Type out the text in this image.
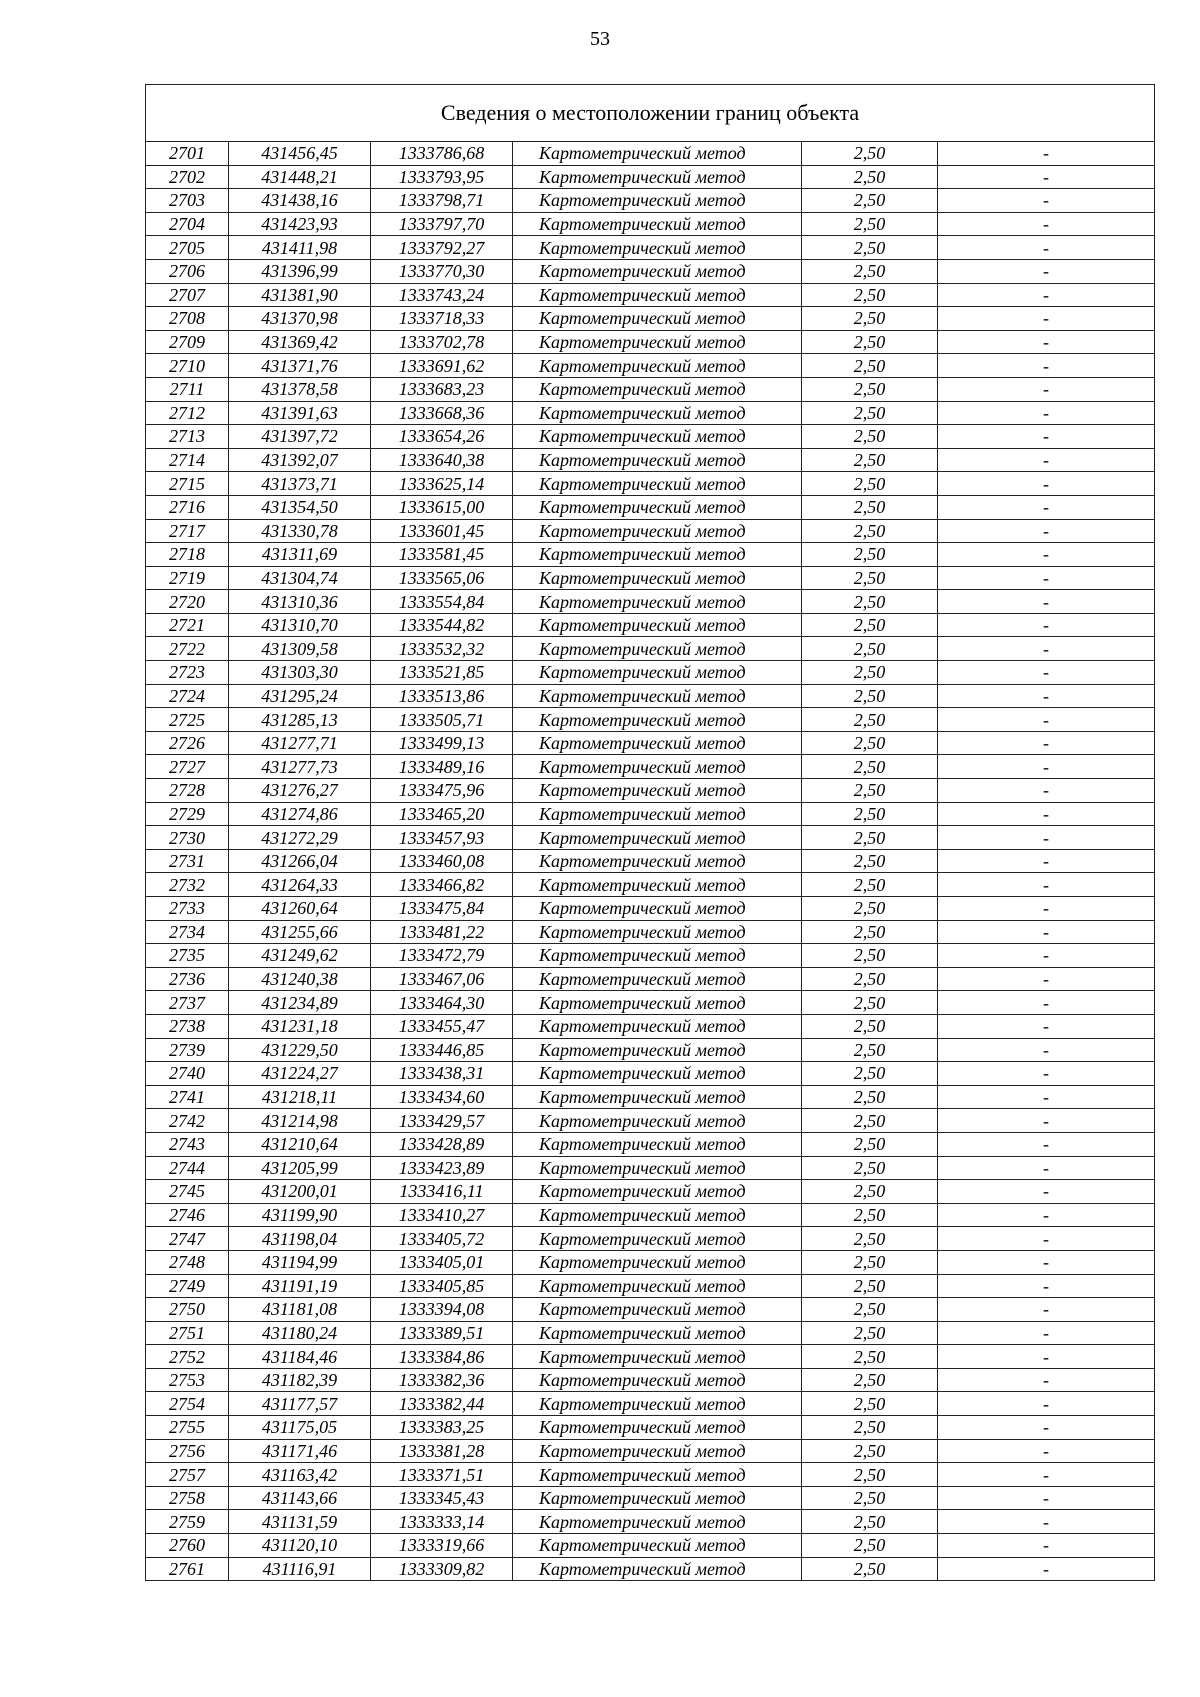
53
Сведения о местоположении границ объекта					
2701	431456,45	1333786,68	Картометрический метод	2,50	-
2702	431448,21	1333793,95	Картометрический метод	2,50	-
2703	431438,16	1333798,71	Картометрический метод	2,50	-
2704	431423,93	1333797,70	Картометрический метод	2,50	-
2705	431411,98	1333792,27	Картометрический метод	2,50	-
2706	431396,99	1333770,30	Картометрический метод	2,50	-
2707	431381,90	1333743,24	Картометрический метод	2,50	-
2708	431370,98	1333718,33	Картометрический метод	2,50	-
2709	431369,42	1333702,78	Картометрический метод	2,50	-
2710	431371,76	1333691,62	Картометрический метод	2,50	-
2711	431378,58	1333683,23	Картометрический метод	2,50	-
2712	431391,63	1333668,36	Картометрический метод	2,50	-
2713	431397,72	1333654,26	Картометрический метод	2,50	-
2714	431392,07	1333640,38	Картометрический метод	2,50	-
2715	431373,71	1333625,14	Картометрический метод	2,50	-
2716	431354,50	1333615,00	Картометрический метод	2,50	-
2717	431330,78	1333601,45	Картометрический метод	2,50	-
2718	431311,69	1333581,45	Картометрический метод	2,50	-
2719	431304,74	1333565,06	Картометрический метод	2,50	-
2720	431310,36	1333554,84	Картометрический метод	2,50	-
2721	431310,70	1333544,82	Картометрический метод	2,50	-
2722	431309,58	1333532,32	Картометрический метод	2,50	-
2723	431303,30	1333521,85	Картометрический метод	2,50	-
2724	431295,24	1333513,86	Картометрический метод	2,50	-
2725	431285,13	1333505,71	Картометрический метод	2,50	-
2726	431277,71	1333499,13	Картометрический метод	2,50	-
2727	431277,73	1333489,16	Картометрический метод	2,50	-
2728	431276,27	1333475,96	Картометрический метод	2,50	-
2729	431274,86	1333465,20	Картометрический метод	2,50	-
2730	431272,29	1333457,93	Картометрический метод	2,50	-
2731	431266,04	1333460,08	Картометрический метод	2,50	-
2732	431264,33	1333466,82	Картометрический метод	2,50	-
2733	431260,64	1333475,84	Картометрический метод	2,50	-
2734	431255,66	1333481,22	Картометрический метод	2,50	-
2735	431249,62	1333472,79	Картометрический метод	2,50	-
2736	431240,38	1333467,06	Картометрический метод	2,50	-
2737	431234,89	1333464,30	Картометрический метод	2,50	-
2738	431231,18	1333455,47	Картометрический метод	2,50	-
2739	431229,50	1333446,85	Картометрический метод	2,50	-
2740	431224,27	1333438,31	Картометрический метод	2,50	-
2741	431218,11	1333434,60	Картометрический метод	2,50	-
2742	431214,98	1333429,57	Картометрический метод	2,50	-
2743	431210,64	1333428,89	Картометрический метод	2,50	-
2744	431205,99	1333423,89	Картометрический метод	2,50	-
2745	431200,01	1333416,11	Картометрический метод	2,50	-
2746	431199,90	1333410,27	Картометрический метод	2,50	-
2747	431198,04	1333405,72	Картометрический метод	2,50	-
2748	431194,99	1333405,01	Картометрический метод	2,50	-
2749	431191,19	1333405,85	Картометрический метод	2,50	-
2750	431181,08	1333394,08	Картометрический метод	2,50	-
2751	431180,24	1333389,51	Картометрический метод	2,50	-
2752	431184,46	1333384,86	Картометрический метод	2,50	-
2753	431182,39	1333382,36	Картометрический метод	2,50	-
2754	431177,57	1333382,44	Картометрический метод	2,50	-
2755	431175,05	1333383,25	Картометрический метод	2,50	-
2756	431171,46	1333381,28	Картометрический метод	2,50	-
2757	431163,42	1333371,51	Картометрический метод	2,50	-
2758	431143,66	1333345,43	Картометрический метод	2,50	-
2759	431131,59	1333333,14	Картометрический метод	2,50	-
2760	431120,10	1333319,66	Картометрический метод	2,50	-
2761	431116,91	1333309,82	Картометрический метод	2,50	-
